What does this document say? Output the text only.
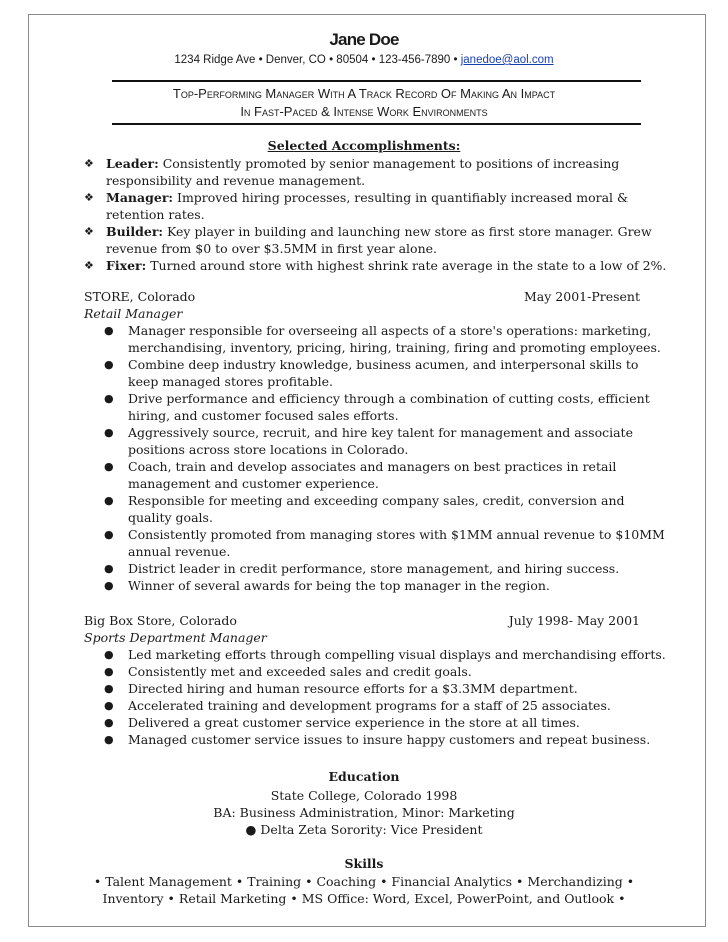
Jane Doe
1234 Ridge Ave • Denver, CO • 80504 • 123-456-7890 • janedoe@aol.com
Top-Performing Manager With A Track Record Of Making An Impact
In Fast-Paced & Intense Work Environments
Selected Accomplishments:
❖ Leader: Consistently promoted by senior management to positions of increasing
responsibility and revenue management.
❖ Manager: Improved hiring processes, resulting in quantifiably increased moral &
retention rates.
❖ Builder: Key player in building and launching new store as first store manager. Grew
revenue from $0 to over $3.5MM in first year alone.
❖ Fixer: Turned around store with highest shrink rate average in the state to a low of 2%.
STORE, Colorado	May 2001-Present
Retail Manager
● Manager responsible for overseeing all aspects of a store's operations: marketing,
merchandising, inventory, pricing, hiring, training, firing and promoting employees.
● Combine deep industry knowledge, business acumen, and interpersonal skills to
keep managed stores profitable.
● Drive performance and efficiency through a combination of cutting costs, efficient
hiring, and customer focused sales efforts.
● Aggressively source, recruit, and hire key talent for management and associate
positions across store locations in Colorado.
● Coach, train and develop associates and managers on best practices in retail
management and customer experience.
● Responsible for meeting and exceeding company sales, credit, conversion and
quality goals.
● Consistently promoted from managing stores with $1MM annual revenue to $10MM
annual revenue.
● District leader in credit performance, store management, and hiring success.
● Winner of several awards for being the top manager in the region.
Big Box Store, Colorado	July 1998- May 2001
Sports Department Manager
● Led marketing efforts through compelling visual displays and merchandising efforts.
● Consistently met and exceeded sales and credit goals.
● Directed hiring and human resource efforts for a $3.3MM department.
● Accelerated training and development programs for a staff of 25 associates.
● Delivered a great customer service experience in the store at all times.
● Managed customer service issues to insure happy customers and repeat business.
Education
State College, Colorado 1998
BA: Business Administration, Minor: Marketing
● Delta Zeta Sorority: Vice President
Skills
• Talent Management • Training • Coaching • Financial Analytics • Merchandizing •
Inventory • Retail Marketing • MS Office: Word, Excel, PowerPoint, and Outlook •
